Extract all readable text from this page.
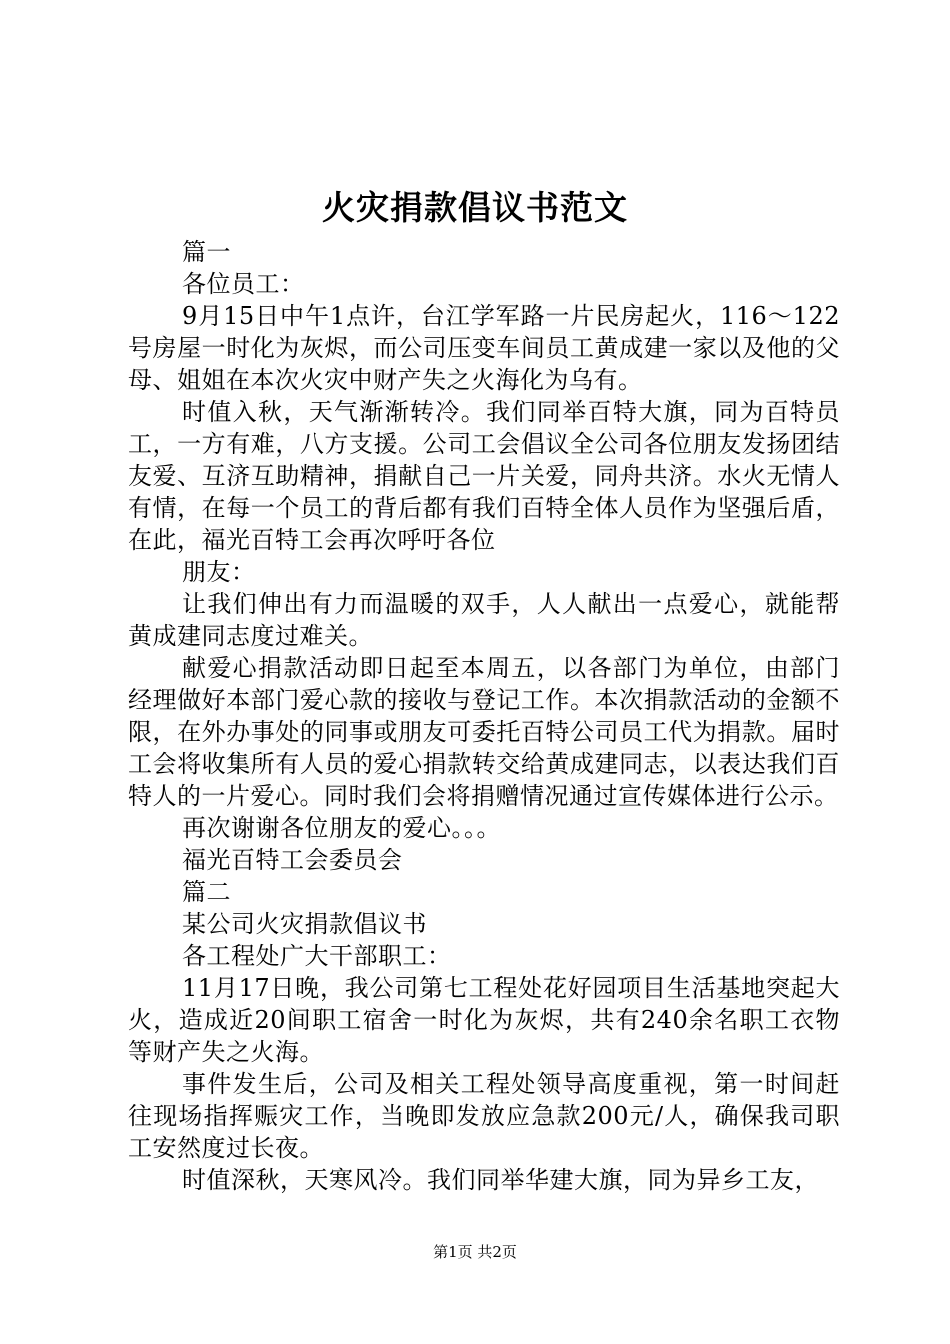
火灾捐款倡议书范文

篇一

各位员工：

9月15日中午1点许，台江学军路一片民房起火，116～122号房屋一时化为灰烬，而公司压变车间员工黄成建一家以及他的父母、姐姐在本次火灾中财产失之火海化为乌有。

时值入秋，天气渐渐转冷。我们同举百特大旗，同为百特员工，一方有难，八方支援。公司工会倡议全公司各位朋友发扬团结友爱、互济互助精神，捐献自己一片关爱，同舟共济。水火无情人有情，在每一个员工的背后都有我们百特全体人员作为坚强后盾，在此，福光百特工会再次呼吁各位

朋友：

让我们伸出有力而温暖的双手，人人献出一点爱心，就能帮黄成建同志度过难关。

献爱心捐款活动即日起至本周五，以各部门为单位，由部门经理做好本部门爱心款的接收与登记工作。本次捐款活动的金额不限，在外办事处的同事或朋友可委托百特公司员工代为捐款。届时工会将收集所有人员的爱心捐款转交给黄成建同志，以表达我们百特人的一片爱心。同时我们会将捐赠情况通过宣传媒体进行公示。

再次谢谢各位朋友的爱心。。。

福光百特工会委员会

篇二

某公司火灾捐款倡议书

各工程处广大干部职工：

11月17日晚，我公司第七工程处花好园项目生活基地突起大火，造成近20间职工宿舍一时化为灰烬，共有240余名职工衣物等财产失之火海。

事件发生后，公司及相关工程处领导高度重视，第一时间赶往现场指挥赈灾工作，当晚即发放应急款200元/人，确保我司职工安然度过长夜。

时值深秋，天寒风冷。我们同举华建大旗，同为异乡工友，

第1页 共2页
